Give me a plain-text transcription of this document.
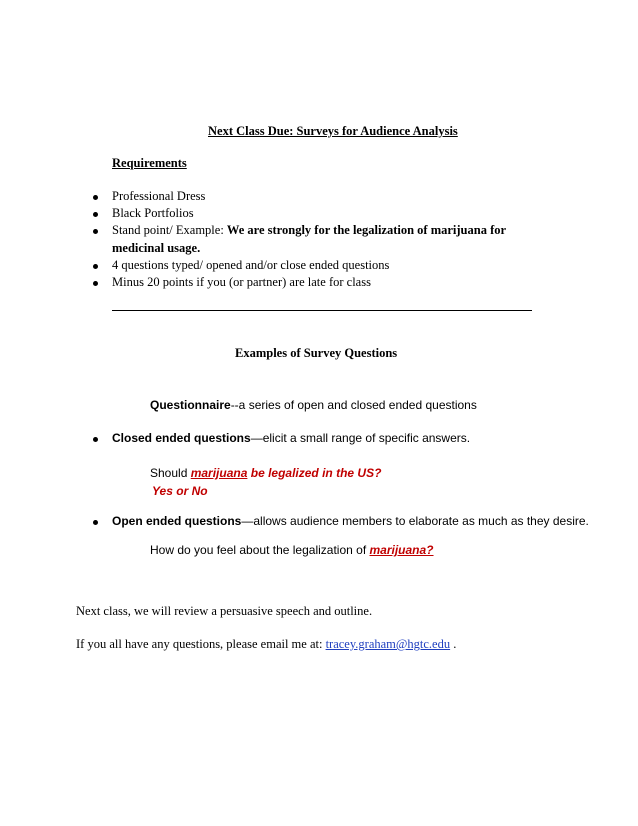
Next Class Due: Surveys for Audience Analysis
Requirements
Professional Dress
Black Portfolios
Stand point/ Example: We are strongly for the legalization of marijuana for
medicinal usage.
4 questions typed/ opened and/or close ended questions
Minus 20 points if you (or partner) are late for class
Examples of Survey Questions
Questionnaire--a series of open and closed ended questions
Closed ended questions—elicit a small range of specific answers.
Should marijuana be legalized in the US?
Yes or No
Open ended questions—allows audience members to elaborate as much as they desire.
How do you feel about the legalization of marijuana?
Next class, we will review a persuasive speech and outline.
If you all have any questions, please email me at: tracey.graham@hgtc.edu .
